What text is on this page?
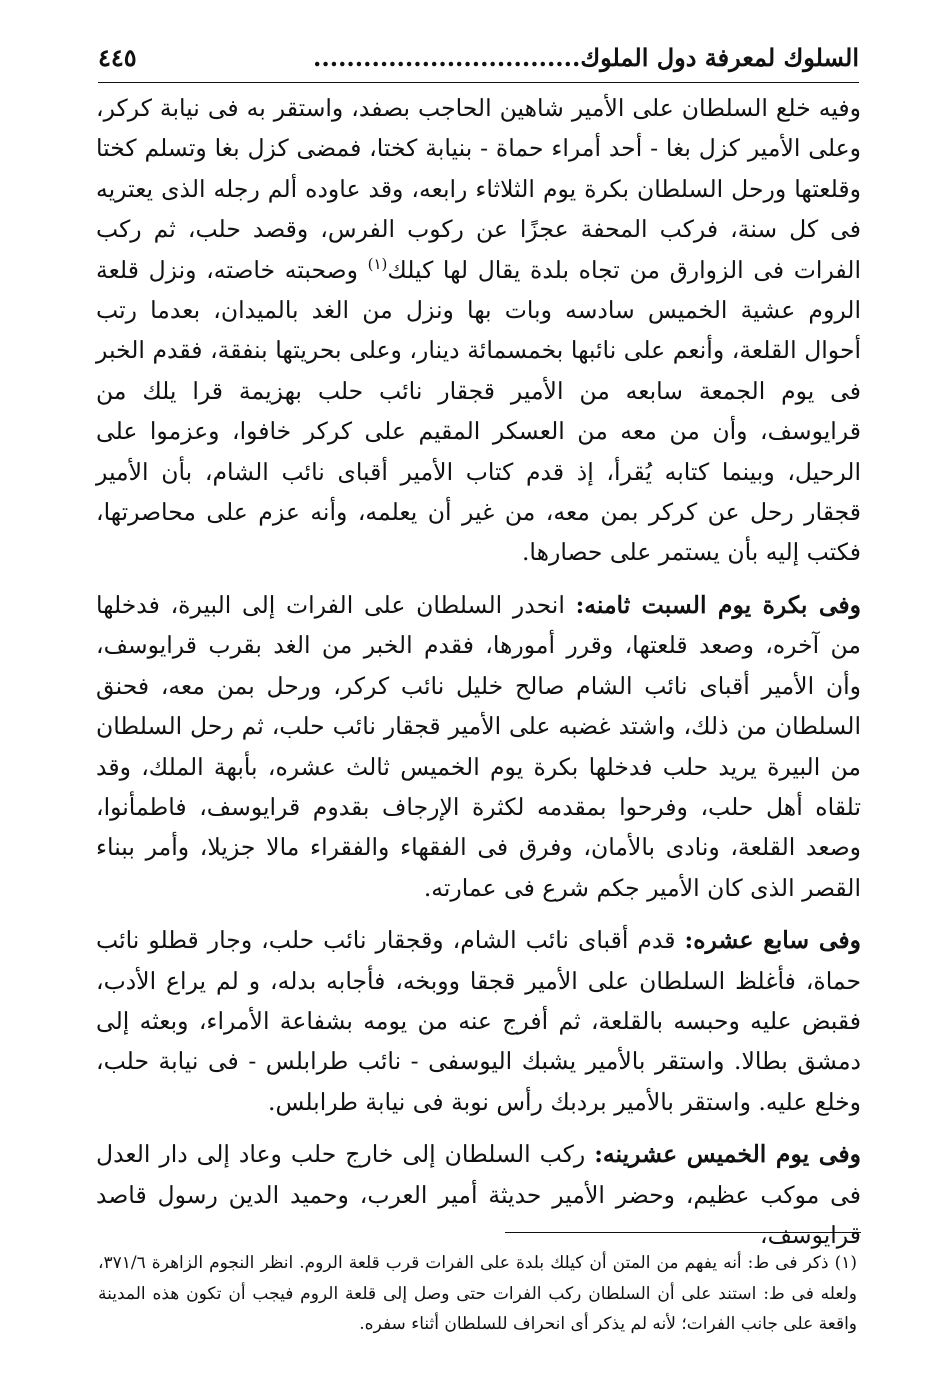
السلوك لمعرفة دول الملوك................................
٤٤٥

وفيه خلع السلطان على الأمير شاهين الحاجب بصفد، واستقر به فى نيابة كركر، وعلى الأمير كزل بغا - أحد أمراء حماة - بنيابة كختا، فمضى كزل بغا وتسلم كختا وقلعتها ورحل السلطان بكرة يوم الثلاثاء رابعه، وقد عاوده ألم رجله الذى يعتريه فى كل سنة، فركب المحفة عجزًا عن ركوب الفرس، وقصد حلب، ثم ركب الفرات فى الزوارق من تجاه بلدة يقال لها كيلك$^{(١)}$ وصحبته خاصته، ونزل قلعة الروم عشية الخميس سادسه وبات بها ونزل من الغد بالميدان، بعدما رتب أحوال القلعة، وأنعم على نائبها بخمسمائة دينار، وعلى بحريتها بنفقة، فقدم الخبر فى يوم الجمعة سابعه من الأمير قجقار نائب حلب بهزيمة قرا يلك من قرايوسف، وأن من معه من العسكر المقيم على كركر خافوا، وعزموا على الرحيل، وبينما كتابه يُقرأ، إذ قدم كتاب الأمير أقباى نائب الشام، بأن الأمير قجقار رحل عن كركر بمن معه، من غير أن يعلمه، وأنه عزم على محاصرتها، فكتب إليه بأن يستمر على حصارها.

وفى بكرة يوم السبت ثامنه: انحدر السلطان على الفرات إلى البيرة، فدخلها من آخره، وصعد قلعتها، وقرر أمورها، فقدم الخبر من الغد بقرب قرايوسف، وأن الأمير أقباى نائب الشام صالح خليل نائب كركر، ورحل بمن معه، فحنق السلطان من ذلك، واشتد غضبه على الأمير قجقار نائب حلب، ثم رحل السلطان من البيرة يريد حلب فدخلها بكرة يوم الخميس ثالث عشره، بأبهة الملك، وقد تلقاه أهل حلب، وفرحوا بمقدمه لكثرة الإرجاف بقدوم قرايوسف، فاطمأنوا، وصعد القلعة، ونادى بالأمان، وفرق فى الفقهاء والفقراء مالا جزيلا، وأمر ببناء القصر الذى كان الأمير جكم شرع فى عمارته.

وفى سابع عشره: قدم أقباى نائب الشام، وقجقار نائب حلب، وجار قطلو نائب حماة، فأغلظ السلطان على الأمير قجقا ووبخه، فأجابه بدله، و لم يراع الأدب، فقبض عليه وحبسه بالقلعة، ثم أفرج عنه من يومه بشفاعة الأمراء، وبعثه إلى دمشق بطالا. واستقر بالأمير يشبك اليوسفى - نائب طرابلس - فى نيابة حلب، وخلع عليه. واستقر بالأمير بردبك رأس نوبة فى نيابة طرابلس.

وفى يوم الخميس عشرينه: ركب السلطان إلى خارج حلب وعاد إلى دار العدل فى موكب عظيم، وحضر الأمير حديثة أمير العرب، وحميد الدين رسول قاصد قرايوسف،

(١) ذكر فى ط: أنه يفهم من المتن أن كيلك بلدة على الفرات قرب قلعة الروم. انظر النجوم الزاهرة ٣٧١/٦، ولعله فى ط: استند على أن السلطان ركب الفرات حتى وصل إلى قلعة الروم فيجب أن تكون هذه المدينة واقعة على جانب الفرات؛ لأنه لم يذكر أى انحراف للسلطان أثناء سفره.
